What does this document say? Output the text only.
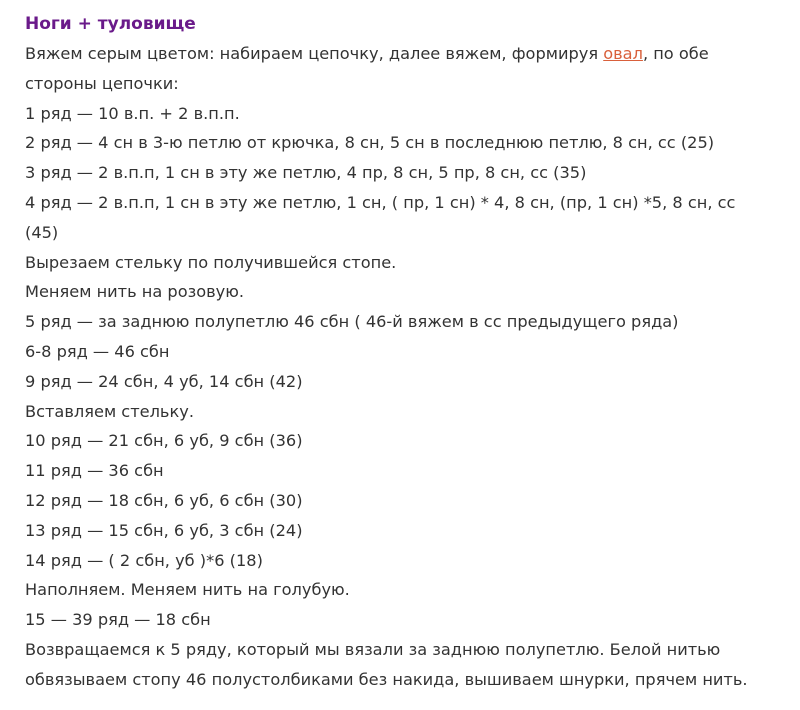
Ноги + туловище
Вяжем серым цветом: набираем цепочку, далее вяжем, формируя овал, по обе
стороны цепочки:
1 ряд — 10 в.п. + 2 в.п.п.
2 ряд — 4 сн в 3-ю петлю от крючка, 8 сн, 5 сн в последнюю петлю, 8 сн, сс (25)
3 ряд — 2 в.п.п, 1 сн в эту же петлю, 4 пр, 8 сн, 5 пр, 8 сн, сс (35)
4 ряд — 2 в.п.п, 1 сн в эту же петлю, 1 сн, ( пр, 1 сн) * 4, 8 сн, (пр, 1 сн) *5, 8 сн, сс
(45)
Вырезаем стельку по получившейся стопе.
Меняем нить на розовую.
5 ряд — за заднюю полупетлю 46 сбн ( 46-й вяжем в сс предыдущего ряда)
6-8 ряд — 46 сбн
9 ряд — 24 сбн, 4 уб, 14 сбн (42)
Вставляем стельку.
10 ряд — 21 сбн, 6 уб, 9 сбн (36)
11 ряд — 36 сбн
12 ряд — 18 сбн, 6 уб, 6 сбн (30)
13 ряд — 15 сбн, 6 уб, 3 сбн (24)
14 ряд — ( 2 сбн, уб )*6 (18)
Наполняем. Меняем нить на голубую.
15 — 39 ряд — 18 сбн
Возвращаемся к 5 ряду, который мы вязали за заднюю полупетлю. Белой нитью
обвязываем стопу 46 полустолбиками без накида, вышиваем шнурки, прячем нить.
